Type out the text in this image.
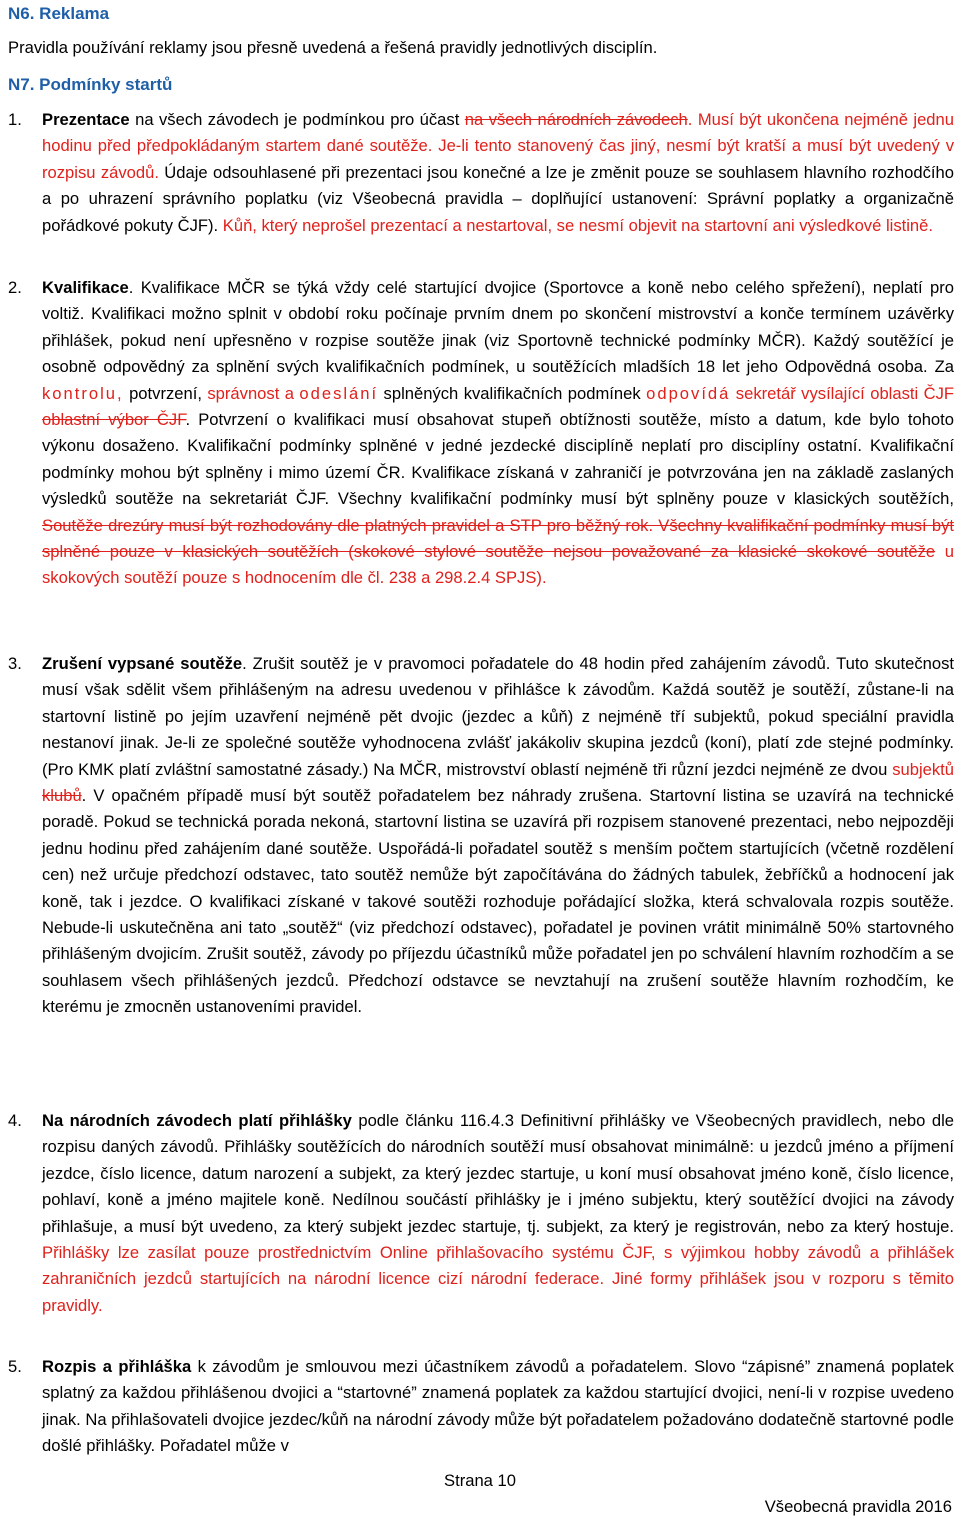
N6. Reklama

Pravidla používání reklamy jsou přesně uvedená a řešená pravidly jednotlivých disciplín.

N7. Podmínky startů
1. Prezentace na všech závodech je podmínkou pro účast na všech národních závodech. Musí být ukončena nejméně jednu hodinu před předpokládaným startem dané soutěže. Je-li tento stanovený čas jiný, nesmí být kratší a musí být uvedený v rozpisu závodů. Údaje odsouhlasené při prezentaci jsou konečné a lze je změnit pouze se souhlasem hlavního rozhodčího a po uhrazení správního poplatku (viz Všeobecná pravidla – doplňující ustanovení: Správní poplatky a organizačně pořádkové pokuty ČJF). Kůň, který neprošel prezentací a nestartoval, se nesmí objevit na startovní ani výsledkové listině.

2. Kvalifikace. Kvalifikace MČR se týká vždy celé startující dvojice (Sportovce a koně nebo celého spřežení), neplatí pro voltiž. Kvalifikaci možno splnit v období roku počínaje prvním dnem po skončení mistrovství a konče termínem uzávěrky přihlášek, pokud není upřesněno v rozpise soutěže jinak (viz Sportovně technické podmínky MČR). Každý soutěžící je osobně odpovědný za splnění svých kvalifikačních podmínek, u soutěžících mladších 18 let jeho Odpovědná osoba. Za kontrolu, potvrzení, správnost a odeslání splněných kvalifikačních podmínek odpovídá sekretář vysílající oblasti ČJF oblastní výbor ČJF. Potvrzení o kvalifikaci musí obsahovat stupeň obtížnosti soutěže, místo a datum, kde bylo tohoto výkonu dosaženo. Kvalifikační podmínky splněné v jedné jezdecké disciplíně neplatí pro disciplíny ostatní. Kvalifikační podmínky mohou být splněny i mimo území ČR. Kvalifikace získaná v zahraničí je potvrzována jen na základě zaslaných výsledků soutěže na sekretariát ČJF. Všechny kvalifikační podmínky musí být splněny pouze v klasických soutěžích, Soutěže drezúry musí být rozhodovány dle platných pravidel a STP pro běžný rok. Všechny kvalifikační podmínky musí být splněné pouze v klasických soutěžích (skokové stylové soutěže nejsou považované za klasické skokové soutěže u skokových soutěží pouze s hodnocením dle čl. 238 a 298.2.4 SPJS).

3. Zrušení vypsané soutěže. Zrušit soutěž je v pravomoci pořadatele do 48 hodin před zahájením závodů. Tuto skutečnost musí však sdělit všem přihlášeným na adresu uvedenou v přihlášce k závodům. Každá soutěž je soutěží, zůstane-li na startovní listině po jejím uzavření nejméně pět dvojic (jezdec a kůň) z nejméně tří subjektů, pokud speciální pravidla nestanoví jinak. Je-li ze společné soutěže vyhodnocena zvlášť jakákoliv skupina jezdců (koní), platí zde stejné podmínky. (Pro KMK platí zvláštní samostatné zásady.) Na MČR, mistrovství oblastí nejméně tři různí jezdci nejméně ze dvou subjektů klubů. V opačném případě musí být soutěž pořadatelem bez náhrady zrušena. Startovní listina se uzavírá na technické poradě. Pokud se technická porada nekoná, startovní listina se uzavírá při rozpisem stanovené prezentaci, nebo nejpozději jednu hodinu před zahájením dané soutěže. Uspořádá-li pořadatel soutěž s menším počtem startujících (včetně rozdělení cen) než určuje předchozí odstavec, tato soutěž nemůže být započítávána do žádných tabulek, žebříčků a hodnocení jak koně, tak i jezdce. O kvalifikaci získané v takové soutěži rozhoduje pořádající složka, která schvalovala rozpis soutěže. Nebude-li uskutečněna ani tato „soutěž“ (viz předchozí odstavec), pořadatel je povinen vrátit minimálně 50% startovného přihlášeným dvojicím. Zrušit soutěž, závody po příjezdu účastníků může pořadatel jen po schválení hlavním rozhodčím a se souhlasem všech přihlášených jezdců. Předchozí odstavce se nevztahují na zrušení soutěže hlavním rozhodčím, ke kterému je zmocněn ustanoveními pravidel.

4. Na národních závodech platí přihlášky podle článku 116.4.3 Definitivní přihlášky ve Všeobecných pravidlech, nebo dle rozpisu daných závodů. Přihlášky soutěžících do národních soutěží musí obsahovat minimálně: u jezdců jméno a příjmení jezdce, číslo licence, datum narození a subjekt, za který jezdec startuje, u koní musí obsahovat jméno koně, číslo licence, pohlaví, koně a jméno majitele koně. Nedílnou součástí přihlášky je i jméno subjektu, který soutěžící dvojici na závody přihlašuje, a musí být uvedeno, za který subjekt jezdec startuje, tj. subjekt, za který je registrován, nebo za který hostuje. Přihlášky lze zasílat pouze prostřednictvím Online přihlašovacího systému ČJF, s výjimkou hobby závodů a přihlášek zahraničních jezdců startujících na národní licence cizí národní federace. Jiné formy přihlášek jsou v rozporu s těmito pravidly.

5. Rozpis a přihláška k závodům je smlouvou mezi účastníkem závodů a pořadatelem. Slovo “zápisné” znamená poplatek splatný za každou přihlášenou dvojici a “startovné” znamená poplatek za každou startující dvojici, není-li v rozpise uvedeno jinak. Na přihlašovateli dvojice jezdec/kůň na národní závody může být pořadatelem požadováno dodatečně startovné podle došlé přihlášky. Pořadatel může v

Strana 10
Všeobecná pravidla 2016
